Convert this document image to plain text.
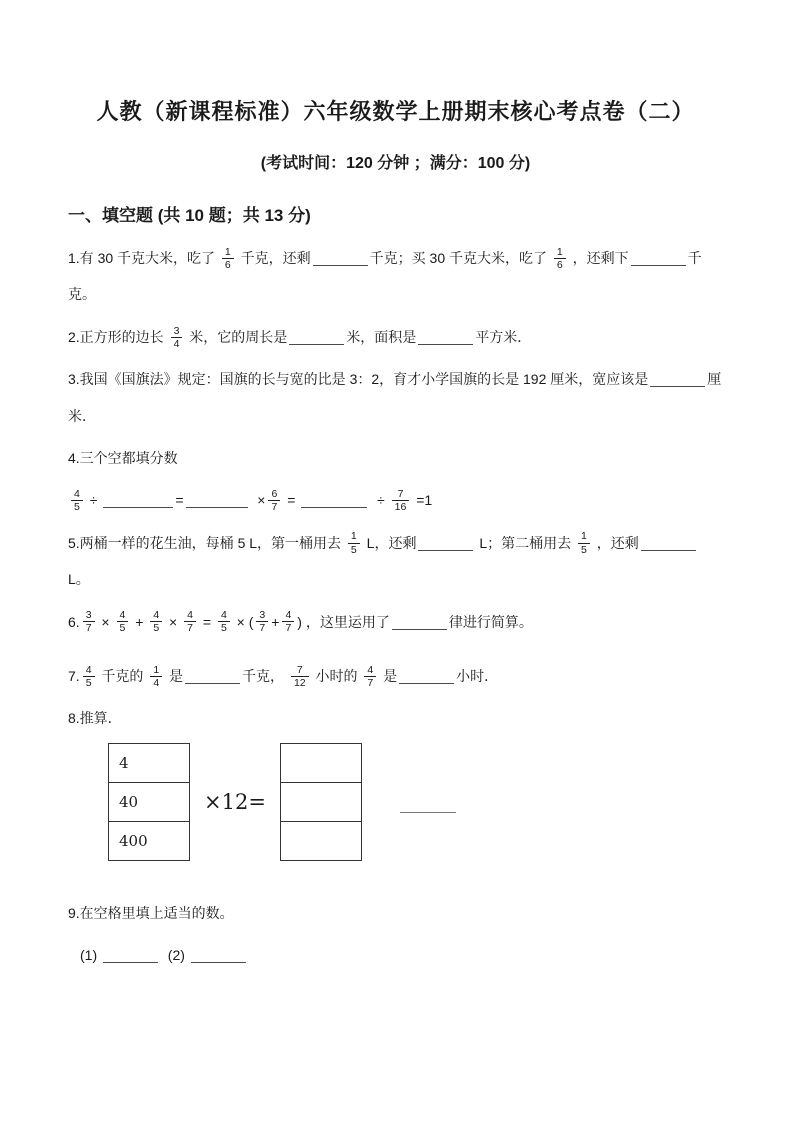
人教（新课程标准）六年级数学上册期末核心考点卷（二）
(考试时间：120 分钟 ；满分：100 分)
一、填空题 (共 10 题；共 13 分)
1.有 30 千克大米，吃了 $\frac{1}{6}$ 千克，还剩	千克；买 30 千克大米，吃了 $\frac{1}{6}$ ，还剩下	千克。
2.正方形的边长 $\frac{3}{4}$ 米，它的周长是	米，面积是	平方米．
3.我国《国旗法》规定：国旗的长与宽的比是 3：2，育才小学国旗的长是 192 厘米，宽应该是	厘米．
4.三个空都填分数
$\frac{4}{5}$ ÷	=	× $\frac{6}{7}$ =	÷ $\frac{7}{16} =1$
5.两桶一样的花生油，每桶 5 L，第一桶用去 $\frac{1}{5}$ L，还剩	L；第二桶用去 $\frac{1}{5}$ ，还剩 L。
6. $\frac{3}{7} \times \frac{4}{5} + \frac{4}{5} \times \frac{4}{7} = \frac{4}{5}$ × ( $\frac{3}{7} + \frac{4}{7}$ ) ，这里运用了	律进行简算。
7. $\frac{4}{5}$ 千克的 $\frac{1}{4}$ 是	千克， $\frac{7}{12}$ 小时的 $\frac{4}{7}$ 是	小时．
8.推算．
4
40
400
×12=

9.在空格里填上适当的数。
(1)	(2)
